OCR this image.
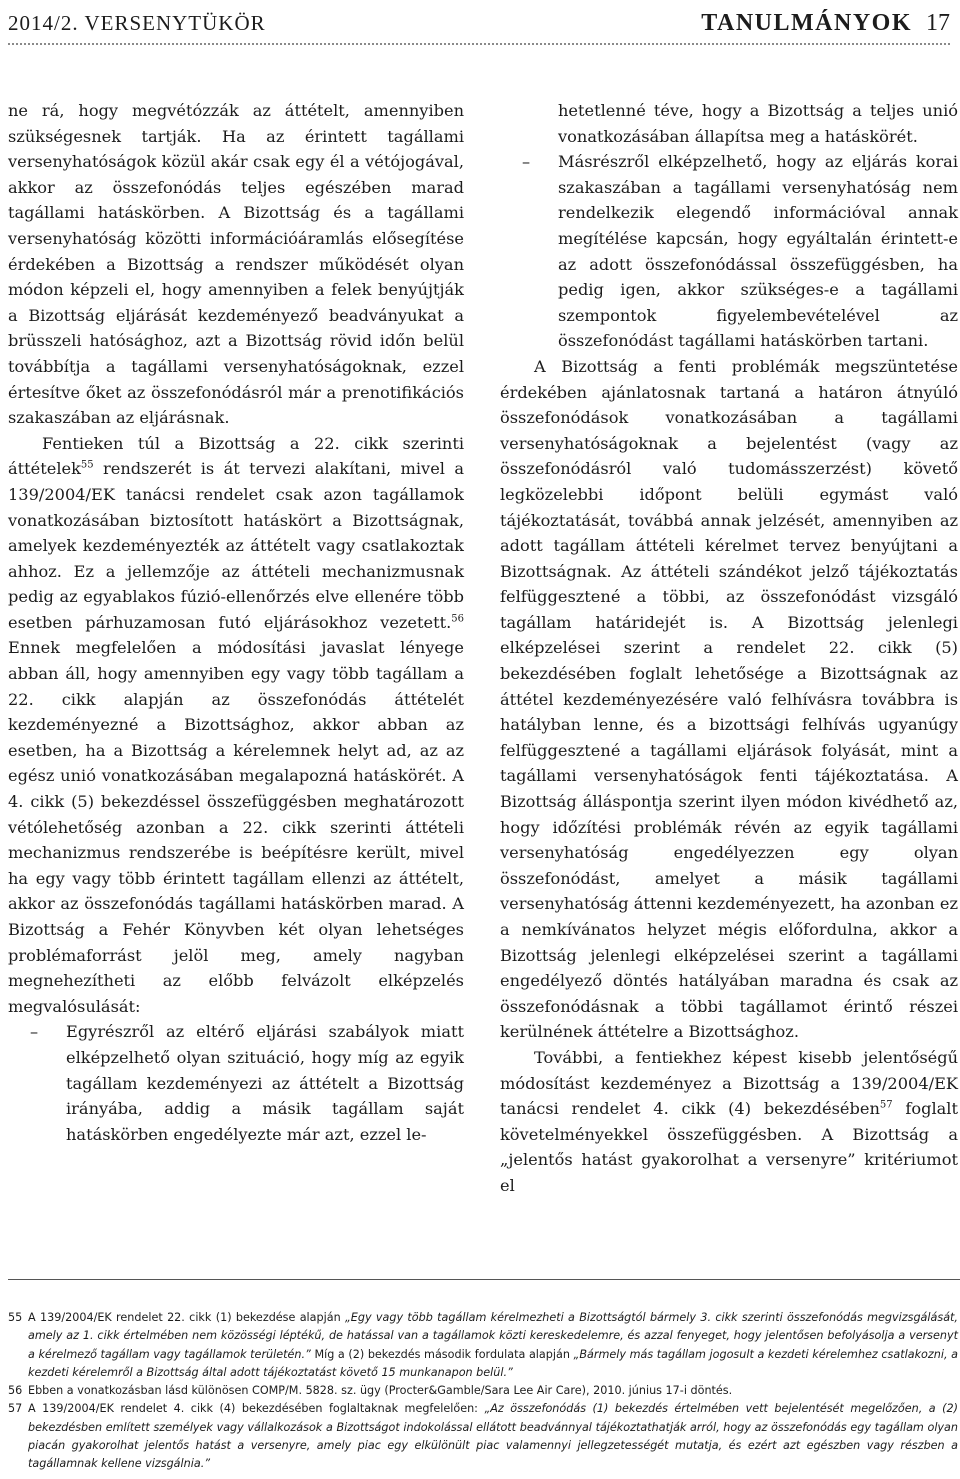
2014/2. VERSENYTÜKÖR	TANULMÁNYOK 17

ne rá, hogy megvétózzák az áttételt, amennyiben szükségesnek tartják. Ha az érintett tagállami versenyhatóságok közül akár csak egy él a vétójogával, akkor az összefonódás teljes egészében marad tagállami hatáskörben. A Bizottság és a tagállami versenyhatóság közötti információáramlás elősegítése érdekében a Bizottság a rendszer működését olyan módon képzeli el, hogy amennyiben a felek benyújtják a Bizottság eljárását kezdeményező beadványukat a brüsszeli hatósághoz, azt a Bizottság rövid időn belül továbbítja a tagállami versenyhatóságoknak, ezzel értesítve őket az összefonódásról már a prenotifikációs szakaszában az eljárásnak.

Fentieken túl a Bizottság a 22. cikk szerinti áttételek$^{55}$ rendszerét is át tervezi alakítani, mivel a 139/2004/EK tanácsi rendelet csak azon tagállamok vonatkozásában biztosított hatáskört a Bizottságnak, amelyek kezdeményezték az áttételt vagy csatlakoztak ahhoz. Ez a jellemzője az áttételi mechanizmusnak pedig az egyablakos fúzió-ellenőrzés elve ellenére több esetben párhuzamosan futó eljárásokhoz vezetett.$^{56}$ Ennek megfelelően a módosítási javaslat lényege abban áll, hogy amennyiben egy vagy több tagállam a 22. cikk alapján az összefonódás áttételét kezdeményezné a Bizottsághoz, akkor abban az esetben, ha a Bizottság a kérelemnek helyt ad, az az egész unió vonatkozásában megalapozná hatáskörét. A 4. cikk (5) bekezdéssel összefüggésben meghatározott vétólehetőség azonban a 22. cikk szerinti áttételi mechanizmus rendszerébe is beépítésre került, mivel ha egy vagy több érintett tagállam ellenzi az áttételt, akkor az összefonódás tagállami hatáskörben marad. A Bizottság a Fehér Könyvben két olyan lehetséges problémaforrást jelöl meg, amely nagyban megnehezítheti az előbb felvázolt elképzelés megvalósulását:

– Egyrészről az eltérő eljárási szabályok miatt elképzelhető olyan szituáció, hogy míg az egyik tagállam kezdeményezi az áttételt a Bizottság irányába, addig a másik tagállam saját hatáskörben engedélyezte már azt, ezzel le-
hetetlenné téve, hogy a Bizottság a teljes unió vonatkozásában állapítsa meg a hatáskörét.
– Másrészről elképzelhető, hogy az eljárás korai szakaszában a tagállami versenyhatóság nem rendelkezik elegendő információval annak megítélése kapcsán, hogy egyáltalán érintett-e az adott összefonódással összefüggésben, ha pedig igen, akkor szükséges-e a tagállami szempontok figyelembevételével az összefonódást tagállami hatáskörben tartani.

A Bizottság a fenti problémák megszüntetése érdekében ajánlatosnak tartaná a határon átnyúló összefonódások vonatkozásában a tagállami versenyhatóságoknak a bejelentést (vagy az összefonódásról való tudomásszerzést) követő legközelebbi időpont belüli egymást való tájékoztatását, továbbá annak jelzését, amennyiben az adott tagállam áttételi kérelmet tervez benyújtani a Bizottságnak. Az áttételi szándékot jelző tájékoztatás felfüggesztené a többi, az összefonódást vizsgáló tagállam határidejét is. A Bizottság jelenlegi elképzelései szerint a rendelet 22. cikk (5) bekezdésében foglalt lehetősége a Bizottságnak az áttétel kezdeményezésére való felhívásra továbbra is hatályban lenne, és a bizottsági felhívás ugyanúgy felfüggesztené a tagállami eljárások folyását, mint a tagállami versenyhatóságok fenti tájékoztatása. A Bizottság álláspontja szerint ilyen módon kivédhető az, hogy időzítési problémák révén az egyik tagállami versenyhatóság engedélyezzen egy olyan összefonódást, amelyet a másik tagállami versenyhatóság áttenni kezdeményezett, ha azonban ez a nemkívánatos helyzet mégis előfordulna, akkor a Bizottság jelenlegi elképzelései szerint a tagállami engedélyező döntés hatályában maradna és csak az összefonódásnak a többi tagállamot érintő részei kerülnének áttételre a Bizottsághoz.

További, a fentiekhez képest kisebb jelentőségű módosítást kezdeményez a Bizottság a 139/2004/EK tanácsi rendelet 4. cikk (4) bekezdésében$^{57}$ foglalt követelményekkel összefüggésben. A Bizottság a „jelentős hatást gyakorolhat a versenyre” kritériumot el

55 A 139/2004/EK rendelet 22. cikk (1) bekezdése alapján „Egy vagy több tagállam kérelmezheti a Bizottságtól bármely 3. cikk szerinti összefonódás megvizsgálását, amely az 1. cikk értelmében nem közösségi léptékű, de hatással van a tagállamok közti kereskedelemre, és azzal fenyeget, hogy jelentősen befolyásolja a versenyt a kérelmező tagállam vagy tagállamok területén.” Míg a (2) bekezdés második fordulata alapján „Bármely más tagállam jogosult a kezdeti kérelemhez csatlakozni, a kezdeti kérelemről a Bizottság által adott tájékoztatást követő 15 munkanapon belül.”
56 Ebben a vonatkozásban lásd különösen COMP/M. 5828. sz. ügy (Procter&Gamble/Sara Lee Air Care), 2010. június 17-i döntés.
57 A 139/2004/EK rendelet 4. cikk (4) bekezdésében foglaltaknak megfelelően: „Az összefonódás (1) bekezdés értelmében vett bejelentését megelőzően, a (2) bekezdésben említett személyek vagy vállalkozások a Bizottságot indokolással ellátott beadvánnyal tájékoztathatják arról, hogy az összefonódás egy tagállam olyan piacán gyakorolhat jelentős hatást a versenyre, amely piac egy elkülönült piac valamennyi jellegzetességét mutatja, és ezért azt egészben vagy részben a tagállamnak kellene vizsgálnia.”
